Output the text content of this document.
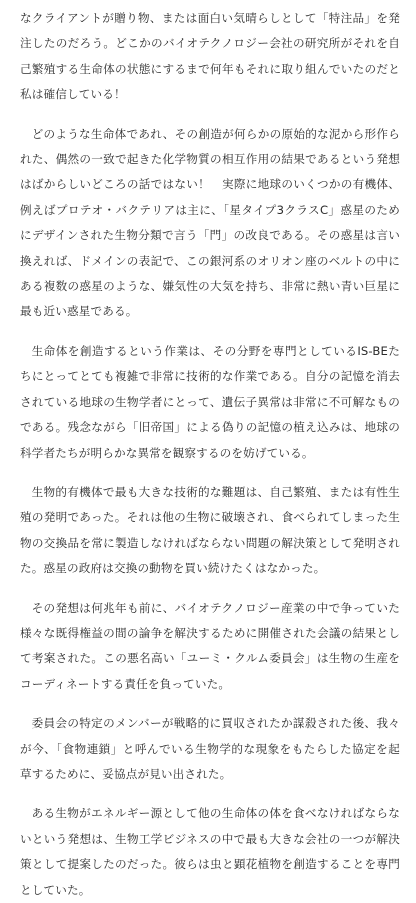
なクライアントが贈り物、または面白い気晴らしとして「特注品」を発注したのだろう。どこかのバイオテクノロジー会社の研究所がそれを自己繁殖する生命体の状態にするまで何年もそれに取り組んでいたのだと私は確信している！

どのような生命体であれ、その創造が何らかの原始的な泥から形作られた、偶然の一致で起きた化学物質の相互作用の結果であるという発想はばからしいどころの話ではない！　実際に地球のいくつかの有機体、例えばプロテオ・バクテリアは主に、「星タイプ3クラスC」惑星のためにデザインされた生物分類で言う「門」の改良である。その惑星は言い換えれば、ドメインの表記で、この銀河系のオリオン座のベルトの中にある複数の惑星のような、嫌気性の大気を持ち、非常に熱い青い巨星に最も近い惑星である。

生命体を創造するという作業は、その分野を専門としているIS-BEたちにとってとても複雑で非常に技術的な作業である。自分の記憶を消去されている地球の生物学者にとって、遺伝子異常は非常に不可解なものである。残念ながら「旧帝国」による偽りの記憶の植え込みは、地球の科学者たちが明らかな異常を観察するのを妨げている。

生物的有機体で最も大きな技術的な難題は、自己繁殖、または有性生殖の発明であった。それは他の生物に破壊され、食べられてしまった生物の交換品を常に製造しなければならない問題の解決策として発明された。惑星の政府は交換の動物を買い続けたくはなかった。

その発想は何兆年も前に、バイオテクノロジー産業の中で争っていた様々な既得権益の間の論争を解決するために開催された会議の結果として考案された。この悪名高い「ユーミ・クルム委員会」は生物の生産をコーディネートする責任を負っていた。

委員会の特定のメンバーが戦略的に買収されたか謀殺された後、我々が今、「食物連鎖」と呼んでいる生物学的な現象をもたらした協定を起草するために、妥協点が見い出された。

ある生物がエネルギー源として他の生命体の体を食べなければならないという発想は、生物工学ビジネスの中で最も大きな会社の一つが解決策として提案したのだった。彼らは虫と顕花植物を創造することを専門としていた。
